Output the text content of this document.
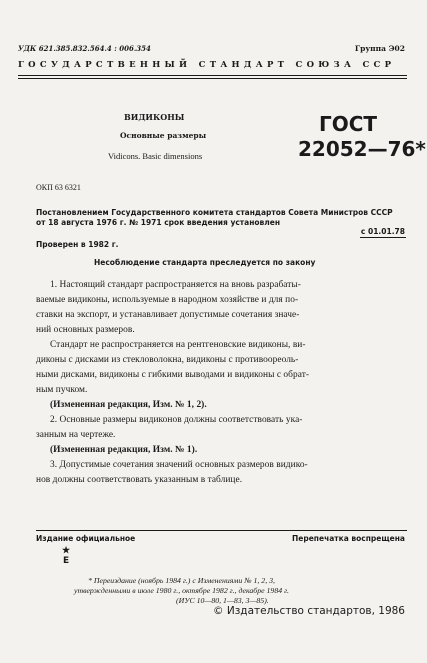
УДК 621.385.832.564.4 : 006.354	Группа Э02
ГОСУДАРСТВЕННЫЙ СТАНДАРТ СОЮЗА ССР
ВИДИКОНЫ
Основные размеры
Vidicons. Basic dimensions
ГОСТ
22052—76*
ОКП 63 6321
Постановлением Государственного комитета стандартов Совета Министров СССР
от 18 августа 1976 г. № 1971 срок введения установлен
с 01.01.78
Проверен в 1982 г.
Несоблюдение стандарта преследуется по закону
1. Настоящий стандарт распространяется на вновь разрабаты-
ваемые видиконы, используемые в народном хозяйстве и для по-
ставки на экспорт, и устанавливает допустимые сочетания значе-
ний основных размеров.
Стандарт не распространяется на рентгеновские видиконы, ви-
диконы с дисками из стекловолокна, видиконы с противоореоль-
ными дисками, видиконы с гибкими выводами и видиконы с обрат-
ным пучком.
(Измененная редакция, Изм. № 1, 2).
2. Основные размеры видиконов должны соответствовать ука-
занным на чертеже.
(Измененная редакция, Изм. № 1).
3. Допустимые сочетания значений основных размеров видико-
нов должны соответствовать указанным в таблице.
Издание официальное	Перепечатка воспрещена
★
Е
* Переиздание (ноябрь 1984 г.) с Изменениями № 1, 2, 3,
утвержденными в июле 1980 г., октябре 1982 г., декабре 1984 г.
(ИУС 10—80, 1—83, 3—85).
© Издательство стандартов, 1986
